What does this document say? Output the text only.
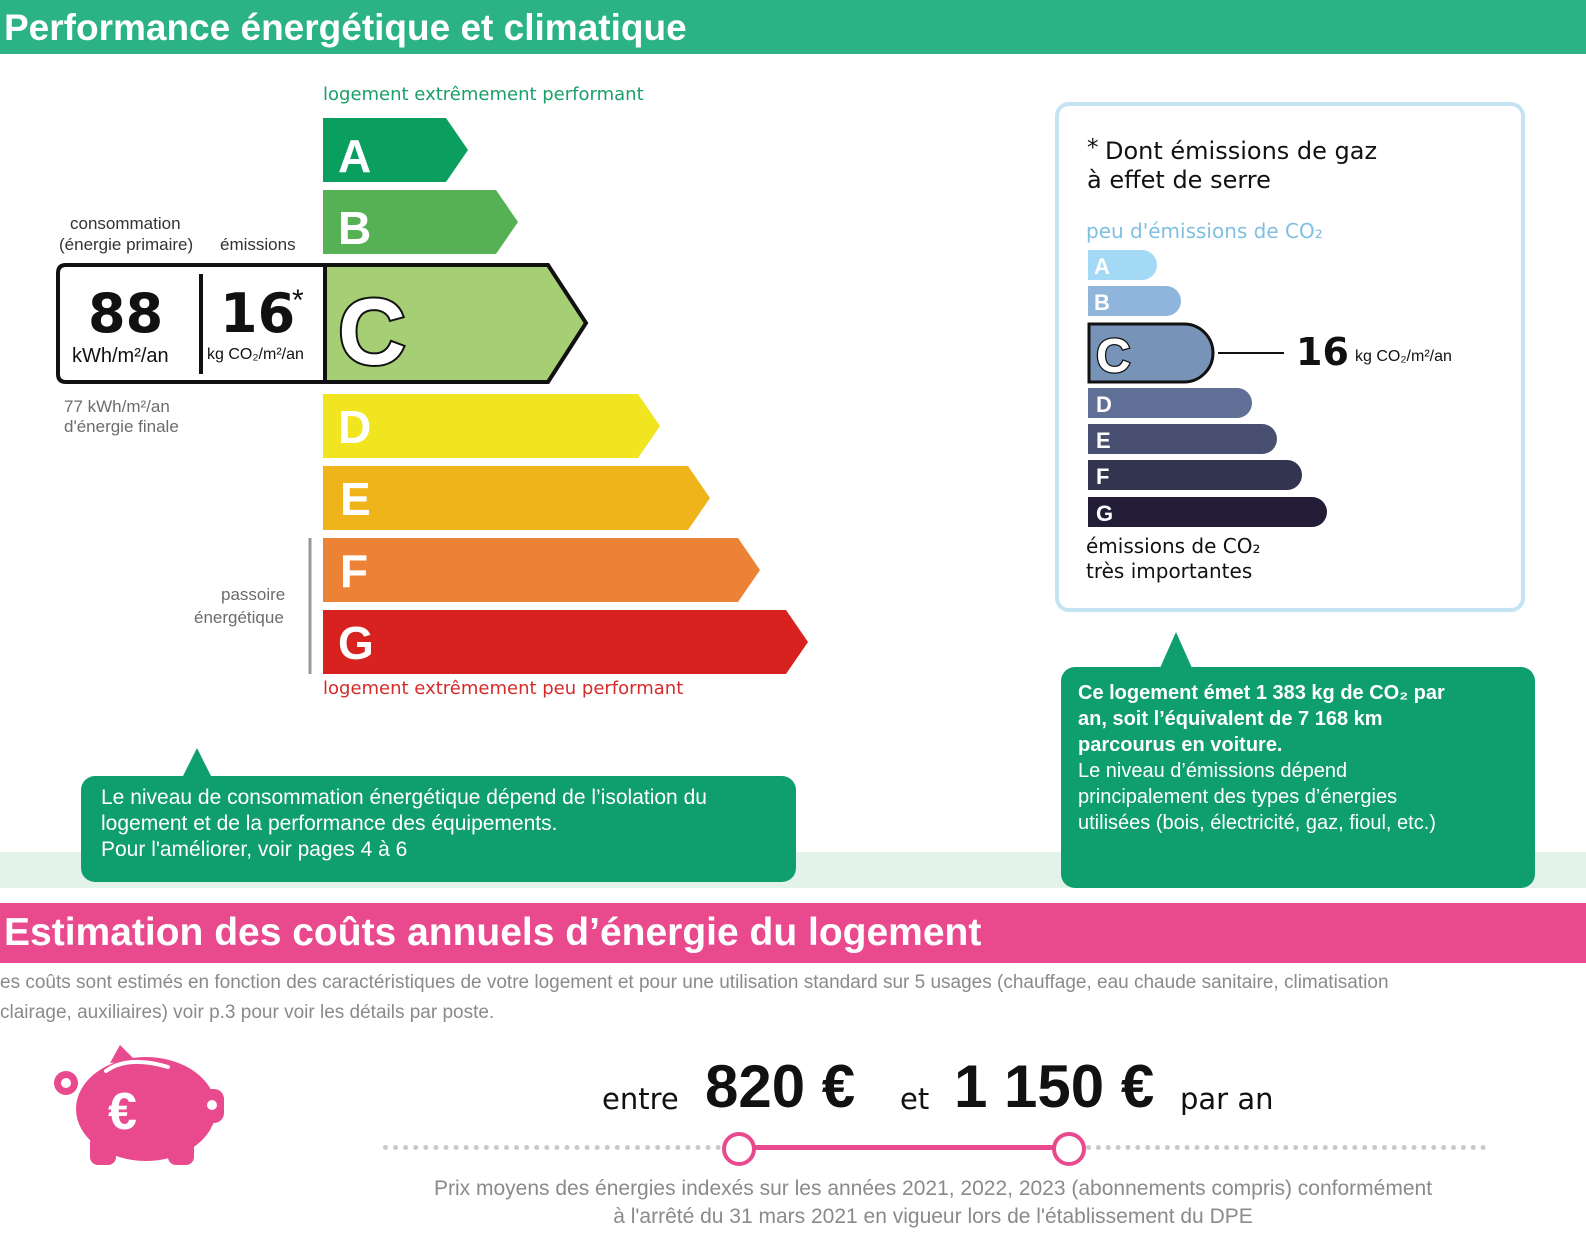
Performance énergétique et climatique
logement extrêmement performant
A
B
C
D
E
F
G
consommation
(énergie primaire) émissions
88
kWh/m²/an
16
*
kg CO₂/m²/an
77 kWh/m²/an
d'énergie finale
passoire
énergétique
logement extrêmement peu performant
Le niveau de consommation énergétique dépend de l’isolation du
logement et de la performance des équipements.
Pour l'améliorer, voir pages 4 à 6
* Dont émissions de gaz
à effet de serre
peu d'émissions de CO₂
A
B
C
D
E
F
G
16 kg CO₂/m²/an
émissions de CO₂
très importantes
Ce logement émet 1 383 kg de CO₂ par
an, soit l’équivalent de 7 168 km
parcourus en voiture.
Le niveau d’émissions dépend
principalement des types d’énergies
utilisées (bois, électricité, gaz, fioul, etc.)
Estimation des coûts annuels d’énergie du logement
es coûts sont estimés en fonction des caractéristiques de votre logement et pour une utilisation standard sur 5 usages (chauffage, eau chaude sanitaire, climatisation
clairage, auxiliaires) voir p.3 pour voir les détails par poste.
€	entre 820 € et 1 150 € par an
Prix moyens des énergies indexés sur les années 2021, 2022, 2023 (abonnements compris) conformément
à l'arrêté du 31 mars 2021 en vigueur lors de l'établissement du DPE
